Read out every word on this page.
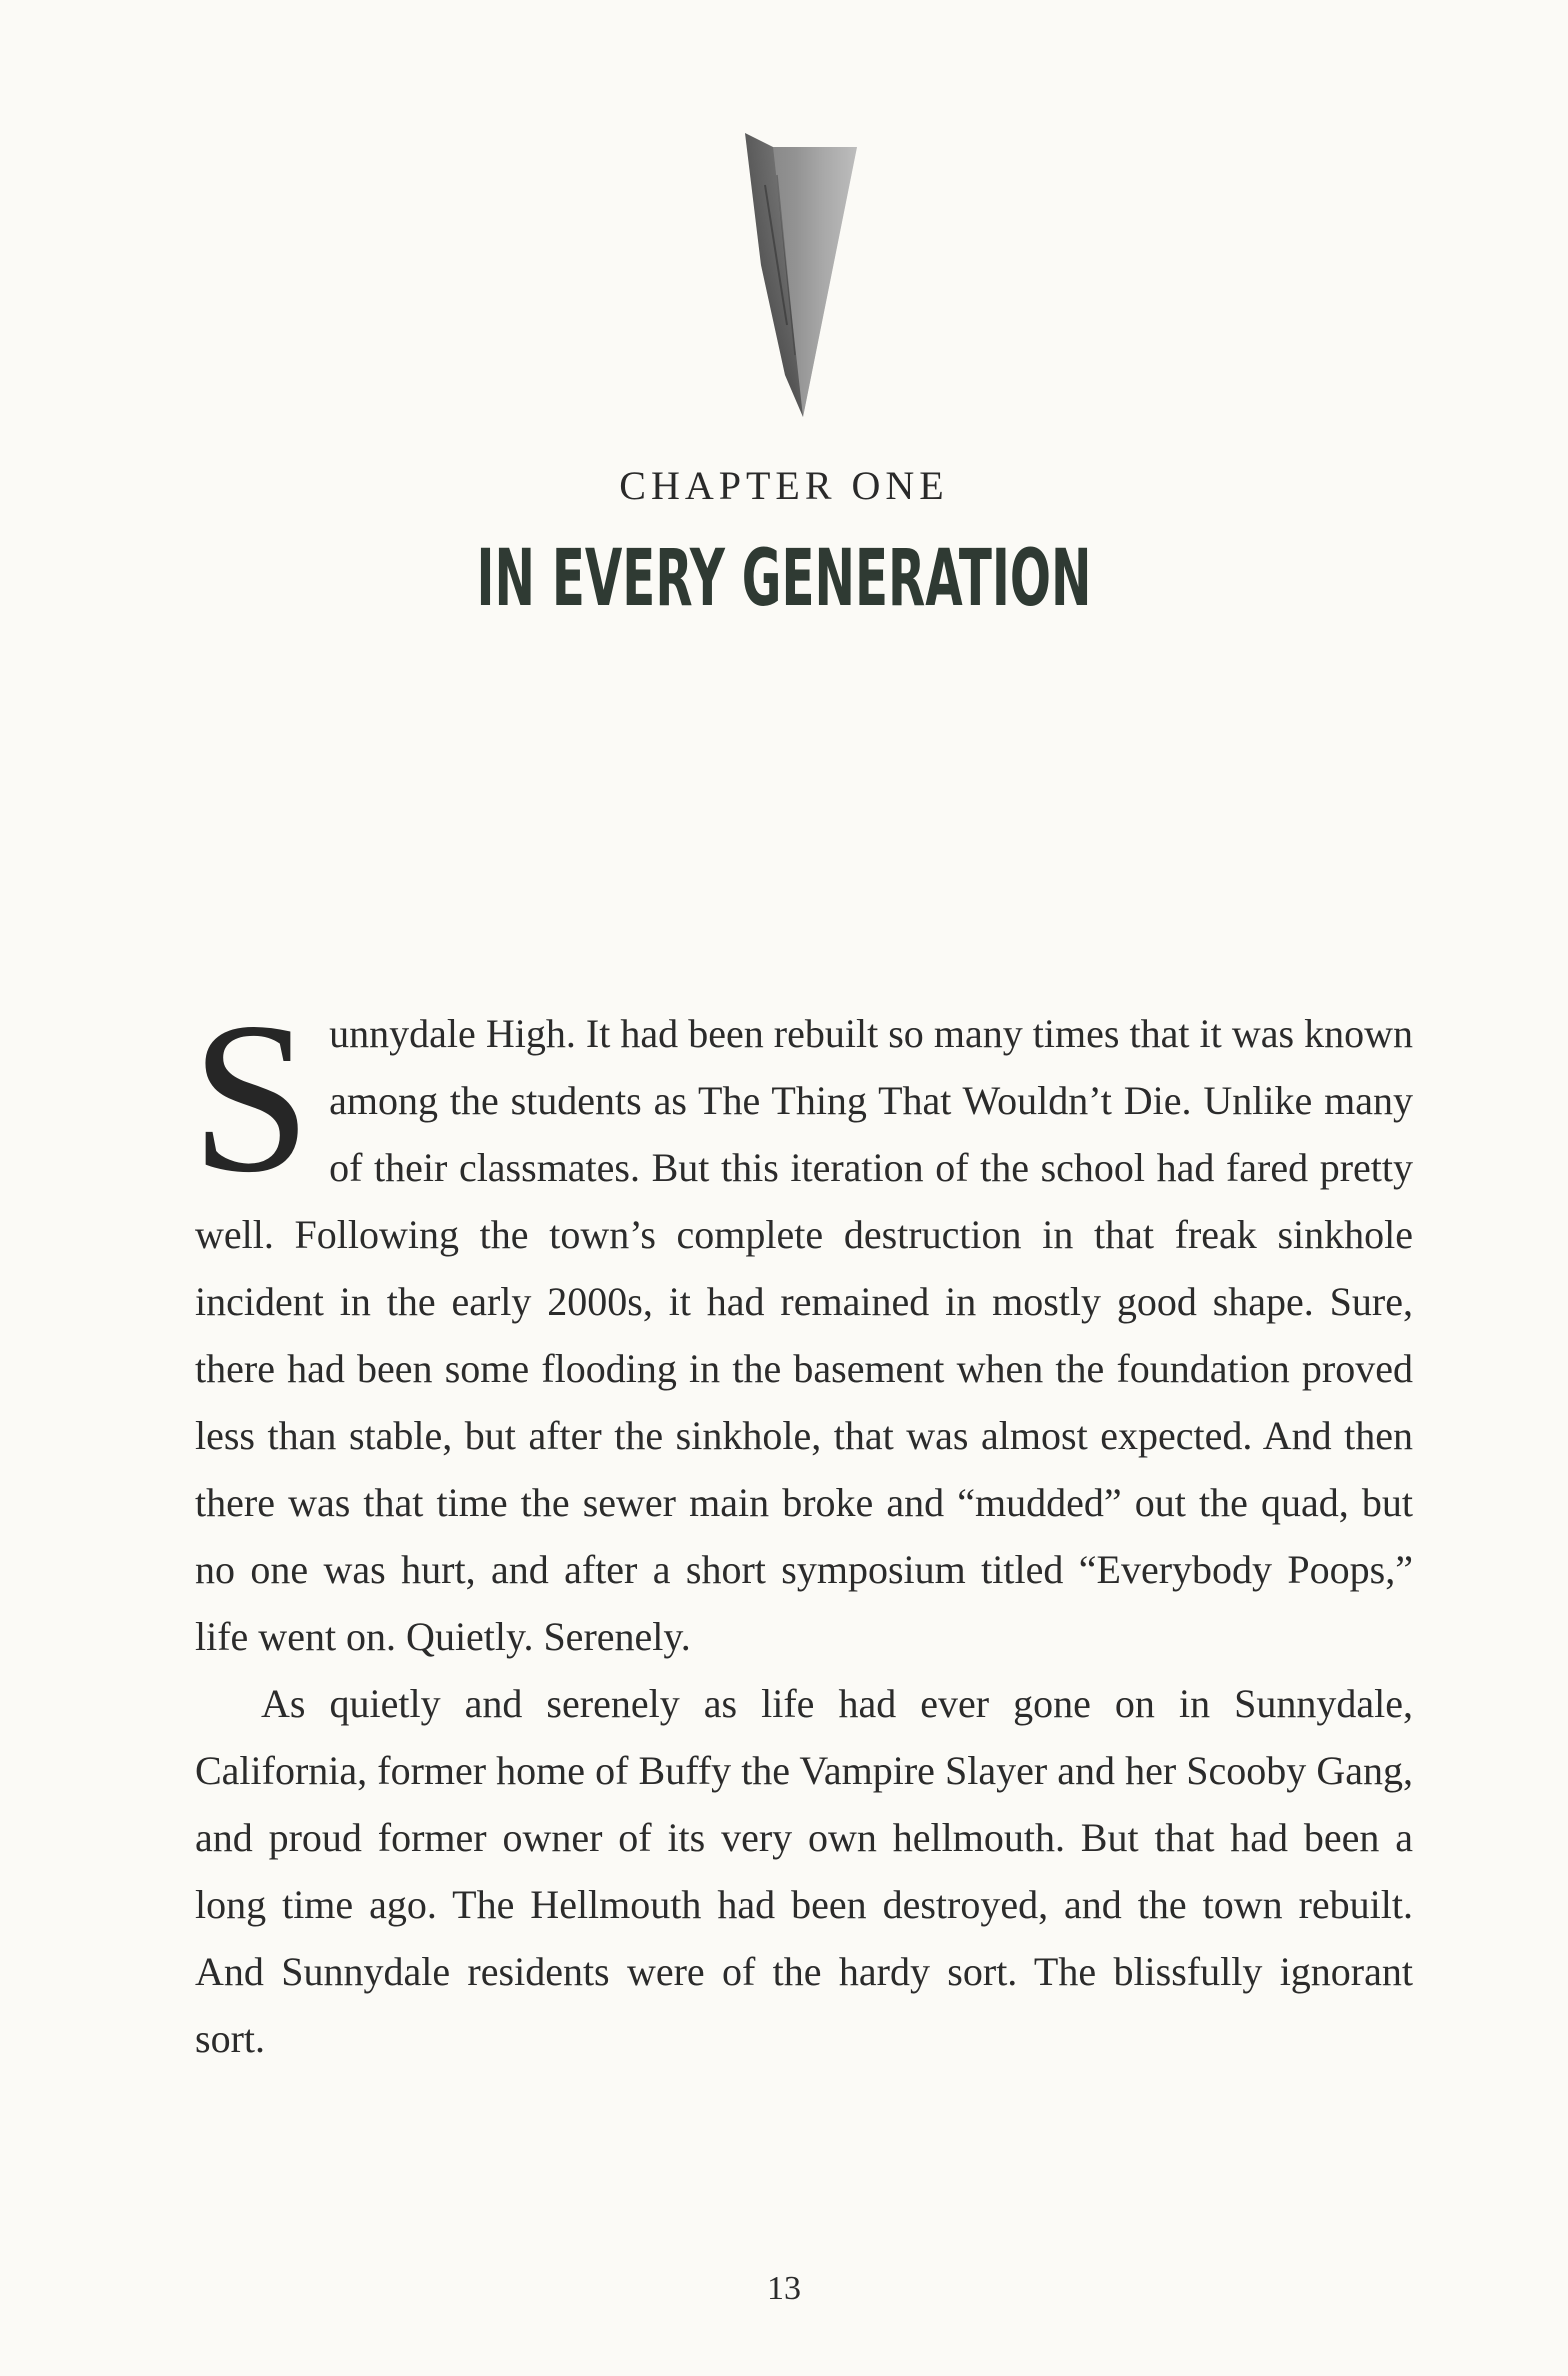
CHAPTER ONE
IN EVERY GENERATION

Sunnydale High. It had been rebuilt so many times that it was known among the students as The Thing That Wouldn’t Die. Unlike many of their classmates. But this iteration of the school had fared pretty well. Following the town’s complete destruction in that freak sinkhole incident in the early 2000s, it had remained in mostly good shape. Sure, there had been some flooding in the basement when the foundation proved less than stable, but after the sinkhole, that was almost expected. And then there was that time the sewer main broke and “mudded” out the quad, but no one was hurt, and after a short symposium titled “Everybody Poops,” life went on. Quietly. Serenely.

As quietly and serenely as life had ever gone on in Sunnydale, California, former home of Buffy the Vampire Slayer and her Scooby Gang, and proud former owner of its very own hellmouth. But that had been a long time ago. The Hellmouth had been destroyed, and the town rebuilt. And Sunnydale residents were of the hardy sort. The blissfully ignorant sort.

13
